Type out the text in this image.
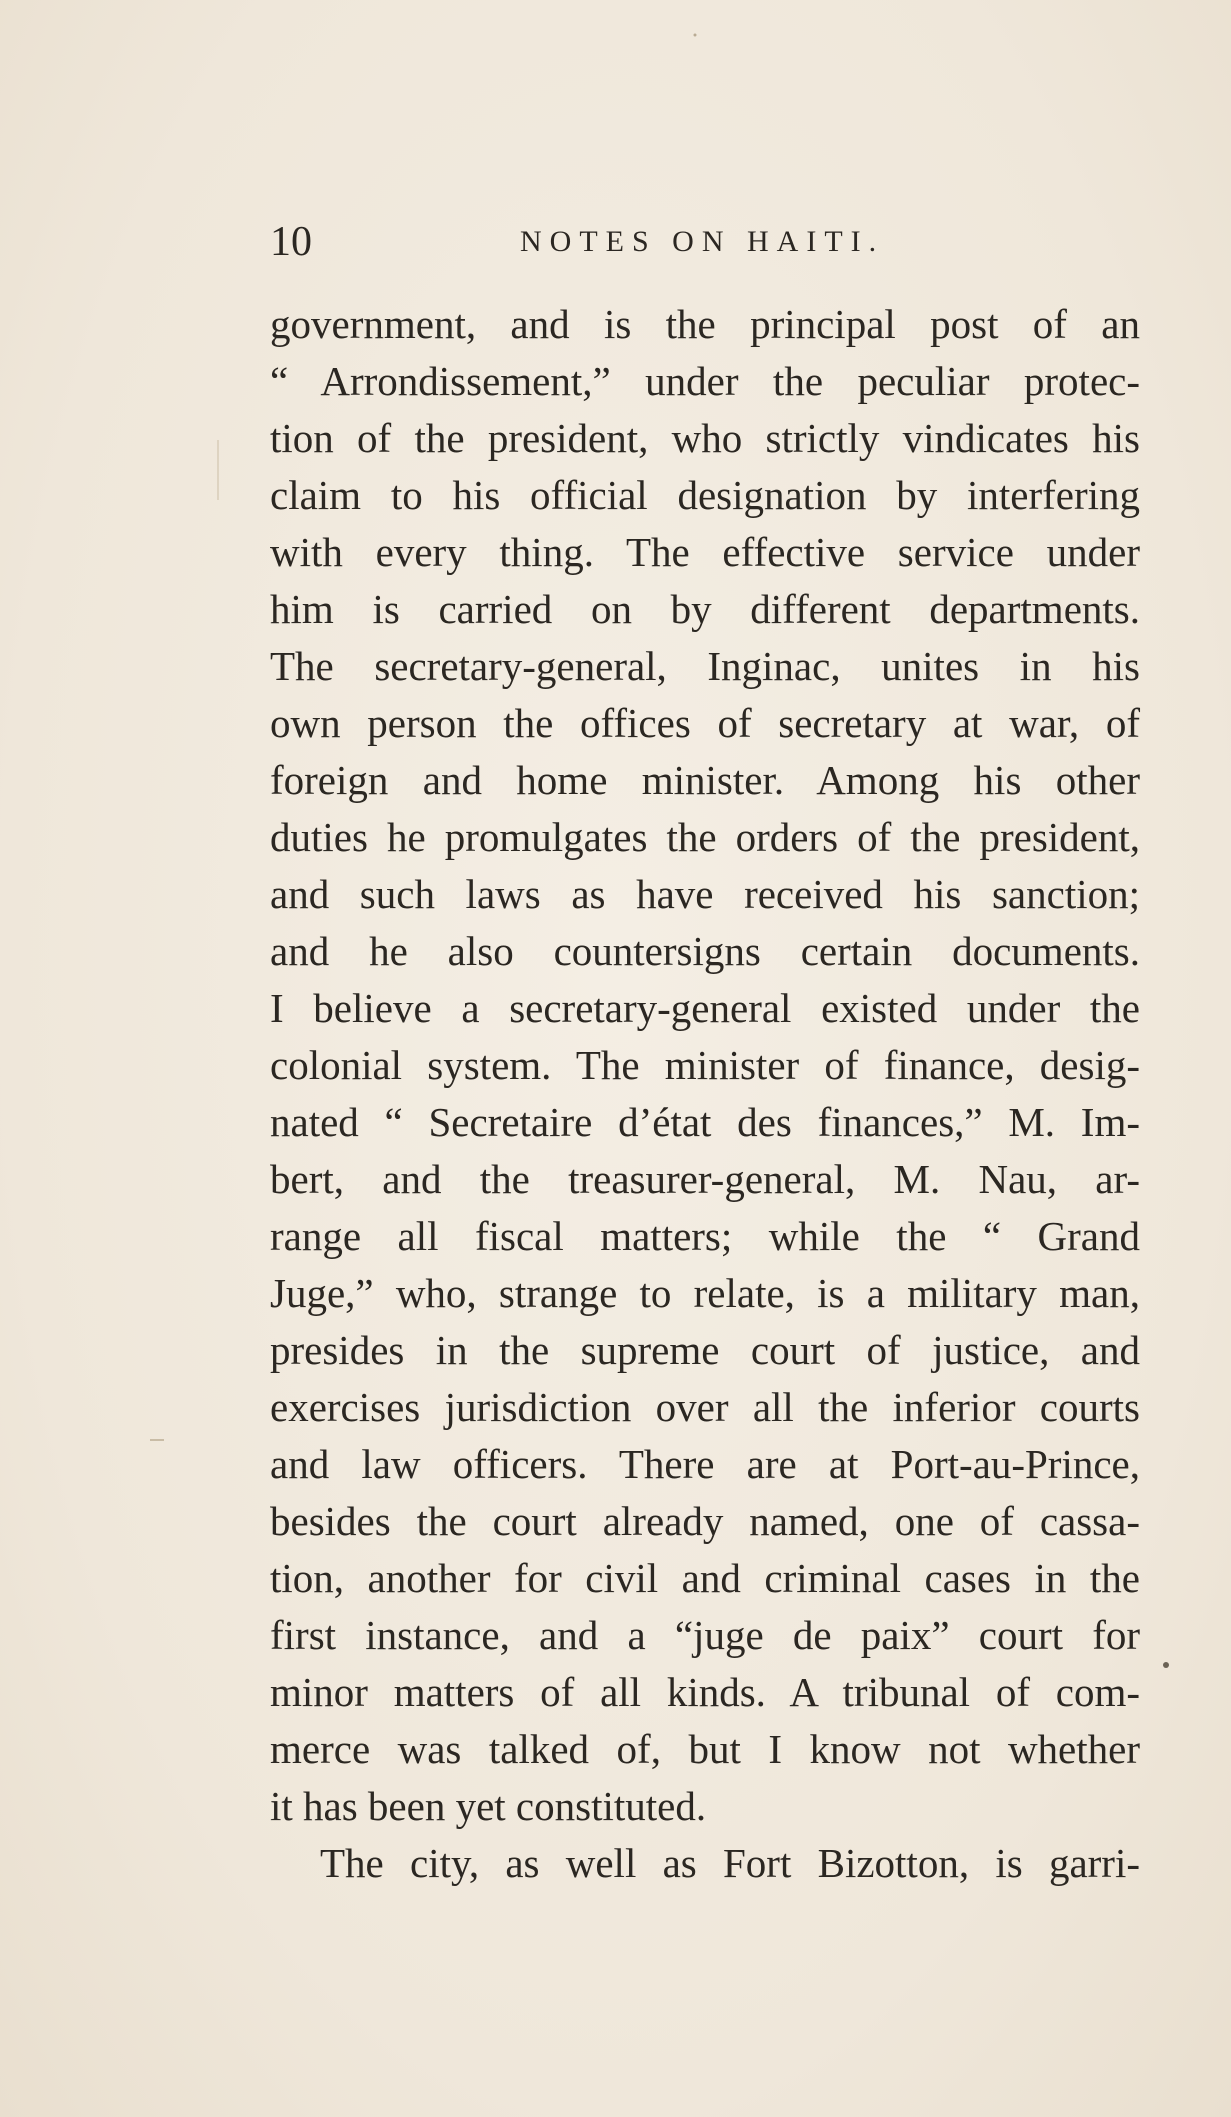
10	NOTES ON HAITI.
government, and is the principal post of an
“ Arrondissement,” under the peculiar protec-
tion of the president, who strictly vindicates his
claim to his official designation by interfering
with every thing. The effective service under
him is carried on by different departments.
The secretary-general, Inginac, unites in his
own person the offices of secretary at war, of
foreign and home minister. Among his other
duties he promulgates the orders of the president,
and such laws as have received his sanction;
and he also countersigns certain documents.
I believe a secretary-general existed under the
colonial system. The minister of finance, desig-
nated “ Secretaire d’état des finances,” M. Im-
bert, and the treasurer-general, M. Nau, ar-
range all fiscal matters; while the “ Grand
Juge,” who, strange to relate, is a military man,
presides in the supreme court of justice, and
exercises jurisdiction over all the inferior courts
and law officers. There are at Port-au-Prince,
besides the court already named, one of cassa-
tion, another for civil and criminal cases in the
first instance, and a “juge de paix” court for
minor matters of all kinds. A tribunal of com-
merce was talked of, but I know not whether
it has been yet constituted.
The city, as well as Fort Bizotton, is garri-
